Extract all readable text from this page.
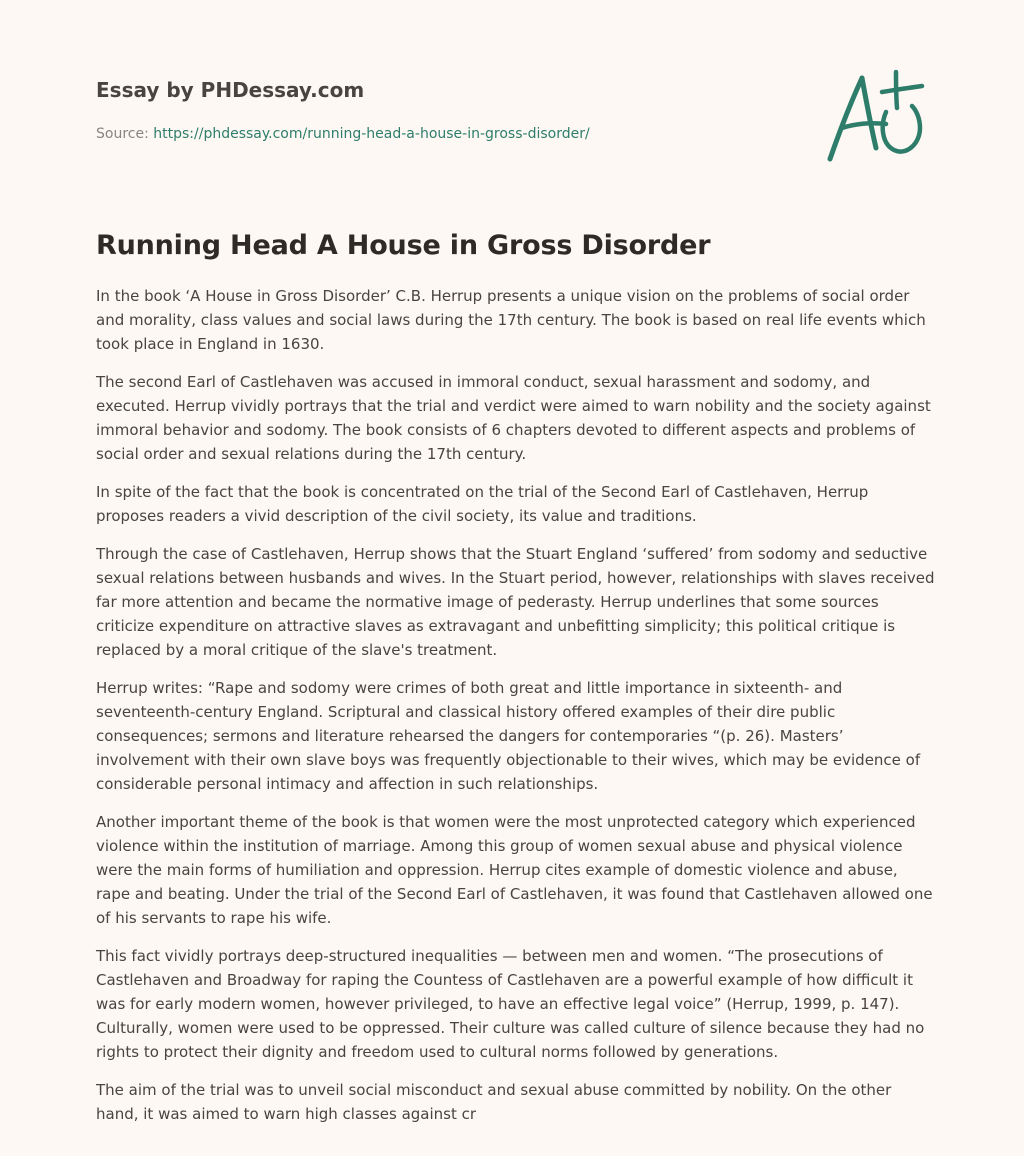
Essay by PHDessay.com

Source: https://phdessay.com/running-head-a-house-in-gross-disorder/
Running Head A House in Gross Disorder

In the book ‘A House in Gross Disorder’ C.B. Herrup presents a unique vision on the problems of social order and morality, class values and social laws during the 17th century. The book is based on real life events which took place in England in 1630.

The second Earl of Castlehaven was accused in immoral conduct, sexual harassment and sodomy, and executed. Herrup vividly portrays that the trial and verdict were aimed to warn nobility and the society against immoral behavior and sodomy. The book consists of 6 chapters devoted to different aspects and problems of social order and sexual relations during the 17th century.

In spite of the fact that the book is concentrated on the trial of the Second Earl of Castlehaven, Herrup proposes readers a vivid description of the civil society, its value and traditions.

Through the case of Castlehaven, Herrup shows that the Stuart England ‘suffered’ from sodomy and seductive sexual relations between husbands and wives. In the Stuart period, however, relationships with slaves received far more attention and became the normative image of pederasty. Herrup underlines that some sources criticize expenditure on attractive slaves as extravagant and unbefitting simplicity; this political critique is replaced by a moral critique of the slave's treatment.

Herrup writes: “Rape and sodomy were crimes of both great and little importance in sixteenth- and seventeenth-century England. Scriptural and classical history offered examples of their dire public consequences; sermons and literature rehearsed the dangers for contemporaries “(p. 26). Masters’ involvement with their own slave boys was frequently objectionable to their wives, which may be evidence of considerable personal intimacy and affection in such relationships.

Another important theme of the book is that women were the most unprotected category which experienced violence within the institution of marriage. Among this group of women sexual abuse and physical violence were the main forms of humiliation and oppression. Herrup cites example of domestic violence and abuse, rape and beating. Under the trial of the Second Earl of Castlehaven, it was found that Castlehaven allowed one of his servants to rape his wife.

This fact vividly portrays deep-structured inequalities — between men and women. “The prosecutions of Castlehaven and Broadway for raping the Countess of Castlehaven are a powerful example of how difficult it was for early modern women, however privileged, to have an effective legal voice” (Herrup, 1999, p. 147). Culturally, women were used to be oppressed. Their culture was called culture of silence because they had no rights to protect their dignity and freedom used to cultural norms followed by generations.

The aim of the trial was to unveil social misconduct and sexual abuse committed by nobility. On the other hand, it was aimed to warn high classes against cr
